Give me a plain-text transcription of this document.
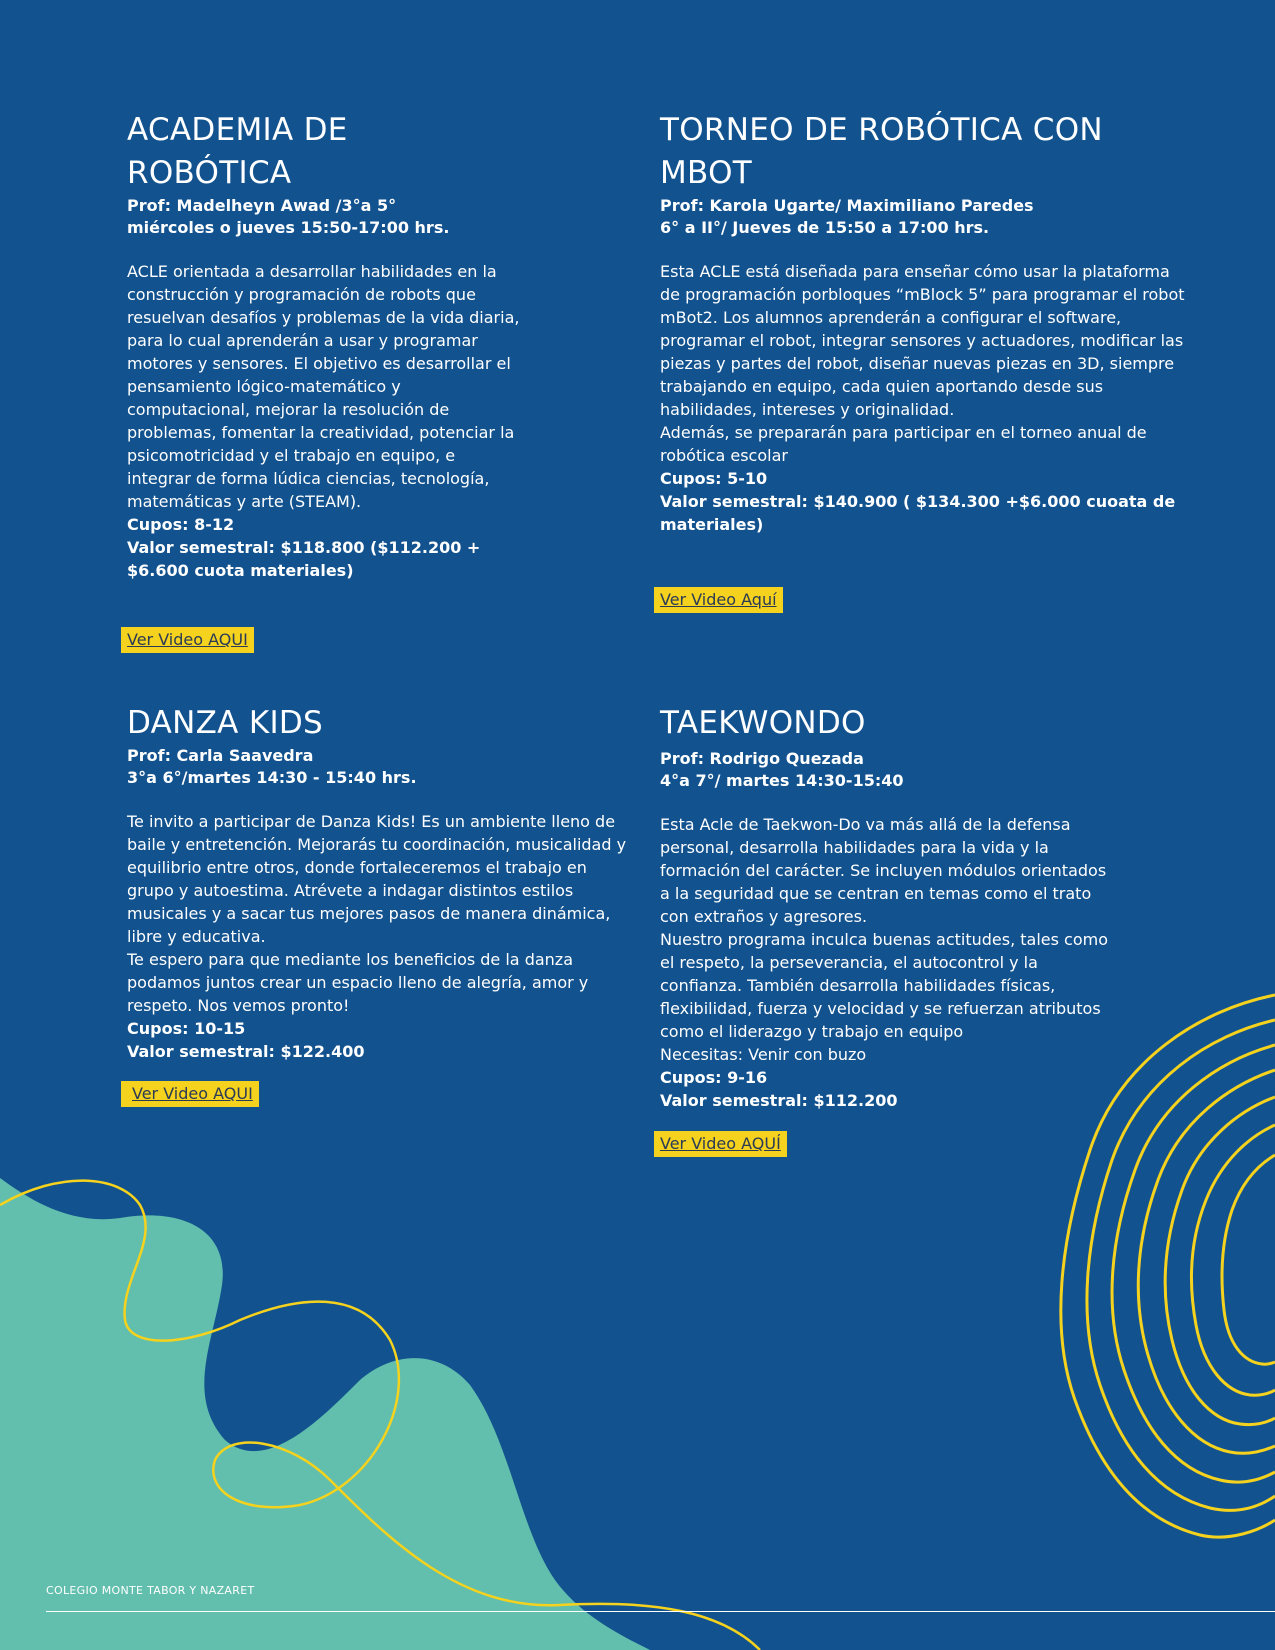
ACADEMIA DE ROBÓTICA
Prof: Madelheyn Awad /3°a 5°
miércoles o jueves 15:50-17:00 hrs.
ACLE orientada a desarrollar habilidades en la construcción y programación de robots que resuelvan desafíos y problemas de la vida diaria, para lo cual aprenderán a usar y programar motores y sensores. El objetivo es desarrollar el pensamiento lógico-matemático y computacional, mejorar la resolución de problemas, fomentar la creatividad, potenciar la psicomotricidad y el trabajo en equipo, e integrar de forma lúdica ciencias, tecnología, matemáticas y arte (STEAM).
Cupos: 8-12
Valor semestral: $118.800 ($112.200 + $6.600 cuota materiales)
Ver Video AQUI
TORNEO DE ROBÓTICA CON MBOT
Prof: Karola Ugarte/ Maximiliano Paredes
6° a II°/ Jueves de 15:50 a 17:00 hrs.
Esta ACLE está diseñada para enseñar cómo usar la plataforma de programación porbloques “mBlock 5” para programar el robot mBot2. Los alumnos aprenderán a configurar el software, programar el robot, integrar sensores y actuadores, modificar las piezas y partes del robot, diseñar nuevas piezas en 3D, siempre trabajando en equipo, cada quien aportando desde sus habilidades, intereses y originalidad.
Además, se prepararán para participar en el torneo anual de robótica escolar
Cupos: 5-10
Valor semestral: $140.900 ( $134.300 +$6.000 cuoata de materiales)
Ver Video Aquí
DANZA KIDS
Prof: Carla Saavedra
3°a 6°/martes 14:30 - 15:40 hrs.
Te invito a participar de Danza Kids! Es un ambiente lleno de baile y entretención. Mejorarás tu coordinación, musicalidad y equilibrio entre otros, donde fortaleceremos el trabajo en grupo y autoestima. Atrévete a indagar distintos estilos musicales y a sacar tus mejores pasos de manera dinámica, libre y educativa.
Te espero para que mediante los beneficios de la danza podamos juntos crear un espacio lleno de alegría, amor y respeto. Nos vemos pronto!
Cupos: 10-15
Valor semestral: $122.400
Ver Video AQUI
TAEKWONDO
Prof: Rodrigo Quezada
4°a 7°/ martes 14:30-15:40
Esta Acle de Taekwon-Do va más allá de la defensa personal, desarrolla habilidades para la vida y la formación del carácter. Se incluyen módulos orientados a la seguridad que se centran en temas como el trato con extraños y agresores.
Nuestro programa inculca buenas actitudes, tales como el respeto, la perseverancia, el autocontrol y la confianza. También desarrolla habilidades físicas, flexibilidad, fuerza y velocidad y se refuerzan atributos como el liderazgo y trabajo en equipo
Necesitas: Venir con buzo
Cupos: 9-16
Valor semestral: $112.200
Ver Video AQUÍ
COLEGIO MONTE TABOR Y NAZARET
